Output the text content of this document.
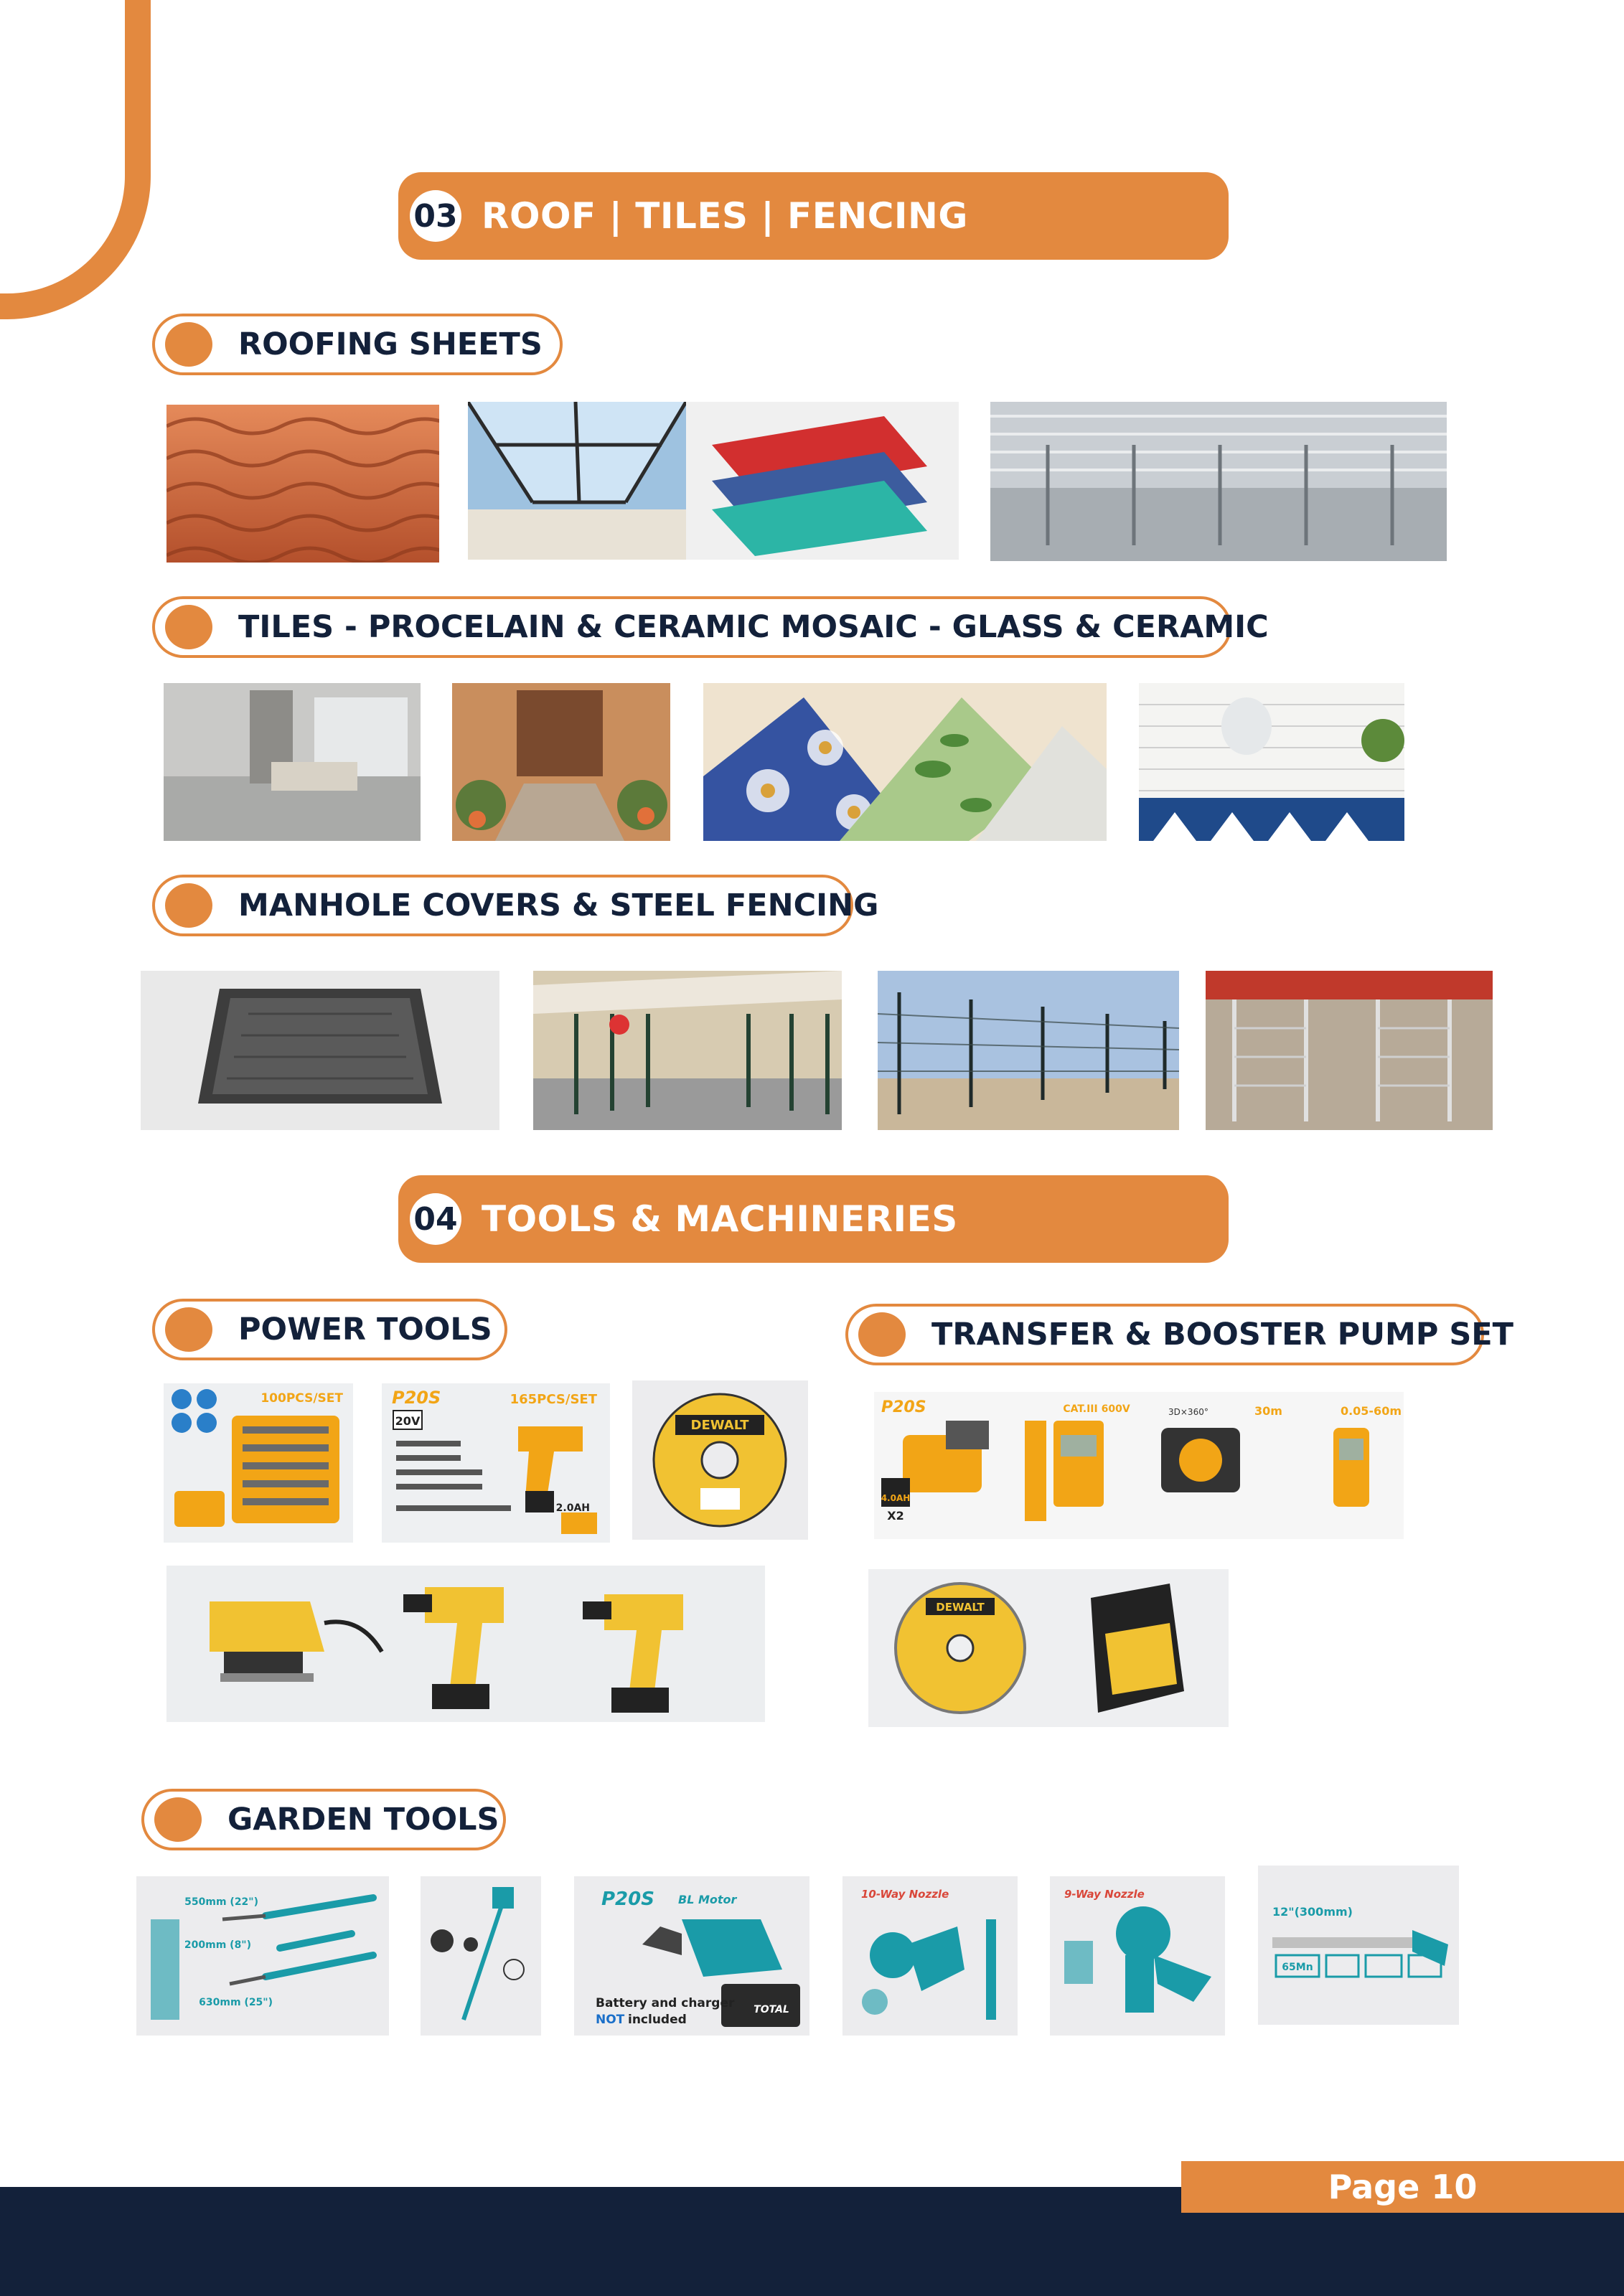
03 ROOF | TILES | FENCING
ROOFING SHEETS
TILES - PROCELAIN & CERAMIC MOSAIC - GLASS & CERAMIC
MANHOLE COVERS & STEEL FENCING
04 TOOLS & MACHINERIES
POWER TOOLS	TRANSFER & BOOSTER PUMP SET
100PCS/SET	P20S	165PCS/SET
20V
2.0AH
DEWALT
P20S
4.0AH
X2
CAT.III 600V	3D×360°	30m	0.05-60m
DEWALT
GARDEN TOOLS
550mm (22")
200mm (8")
630mm (25")
P20S BL Motor
TOTAL
Battery and charger
NOT included
10-Way Nozzle	9-Way Nozzle
12"(300mm)
65Mn
Page 10
